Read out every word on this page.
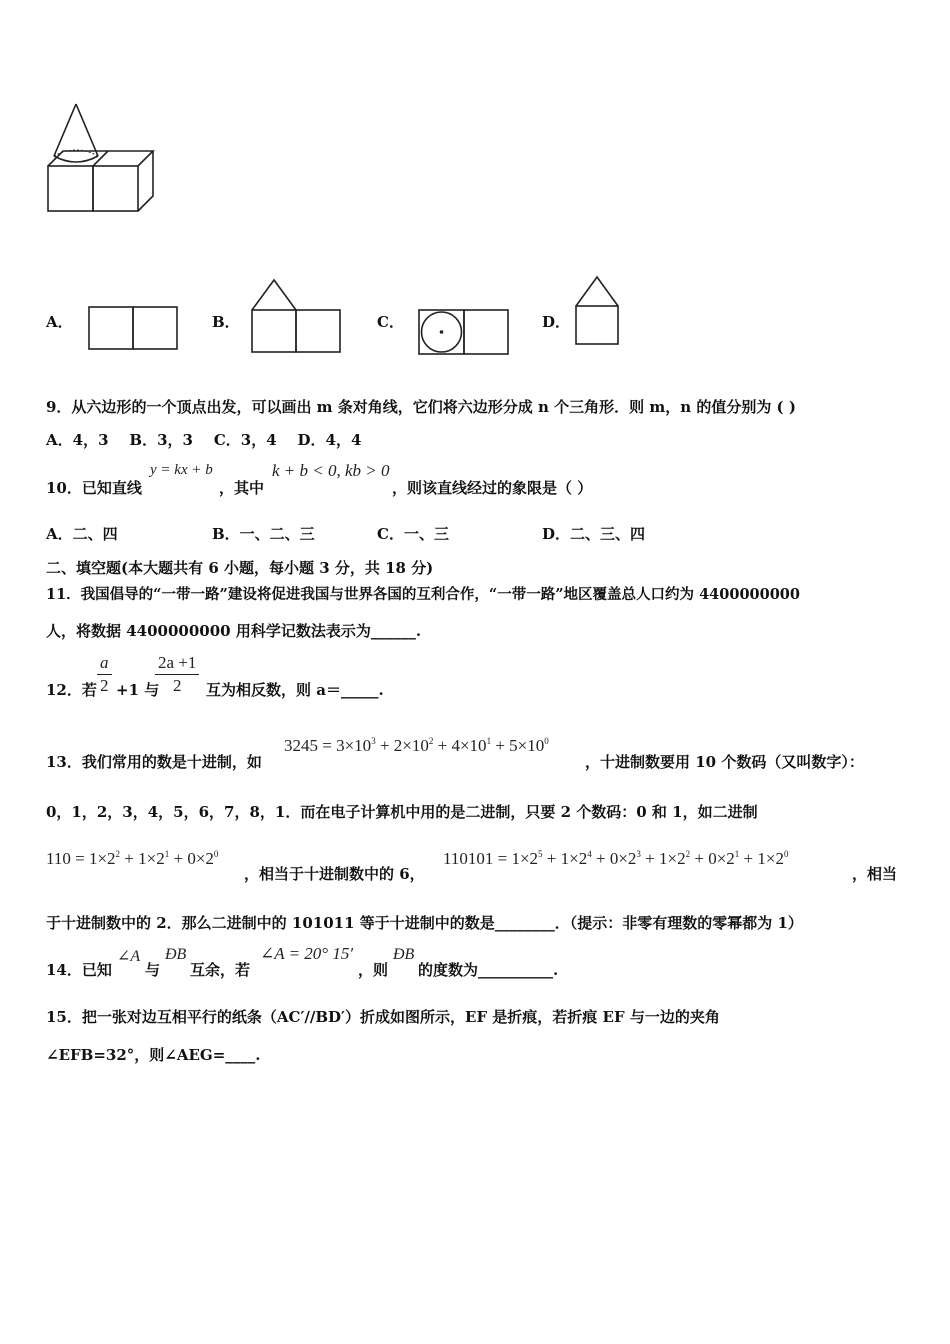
A．	B．	C．	D．
9．从六边形的一个顶点出发，可以画出 m 条对角线，它们将六边形分成 n 个三角形．则 m，n 的值分别为 ( )
A．4，3    B．3，3    C．3，4    D．4，4
10．已知直线
y = kx + b
，其中
k + b < 0, kb > 0
，则该直线经过的象限是（ ）
A．二、四	B．一、二、三	C．一、三	D．二、三、四
二、填空题(本大题共有 6 小题，每小题 3 分，共 18 分)
11．我国倡导的“一带一路”建设将促进我国与世界各国的互利合作，“一带一路”地区覆盖总人口约为 4400000000
人，将数据 4400000000 用科学记数法表示为______.
12．若 $\frac{a}{2} +1$ 与
$\frac{2a +1}{2}$ 互为相反数，则 a＝_____.
13．我们常用的数是十进制，如
$3245 = 3\times 10^3 + 2\times 10^2 + 4\times 10^1 + 5\times 10^0$
，十进制数要用 10 个数码（又叫数字）：
0，1，2，3，4，5，6，7，8，1．而在电子计算机中用的是二进制，只要 2 个数码：0 和 1，如二进制
$110 = 1\times 2^2 + 1\times 2^1 + 0\times 2^0$
，相当于十进制数中的 6，
$110101 = 1\times 2^5 + 1\times 2^4 + 0\times 2^3 + 1\times 2^2 + 0\times 2^1 + 1\times 2^0$
，相当
于十进制数中的 2．那么二进制中的 101011 等于十进制中的数是________．（提示：非零有理数的零幂都为 1）
14．已知
∠A
与
ÐB
互余，若
∠A = 20° 15′
，则
ÐB
的度数为__________.
15．把一张对边互相平行的纸条（AC′//BD′）折成如图所示，EF 是折痕，若折痕 EF 与一边的夹角
∠EFB=32°，则∠AEG=____.
